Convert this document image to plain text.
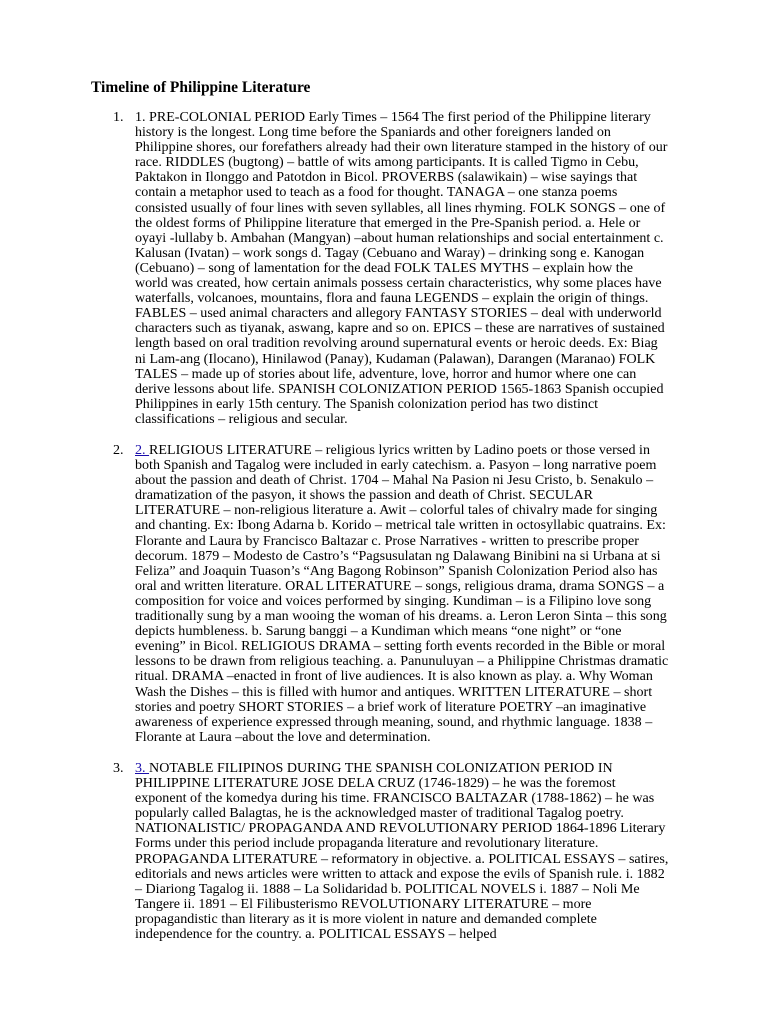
Timeline of Philippine Literature
1. 1. PRE-COLONIAL PERIOD Early Times – 1564 The first period of the Philippine literary history is the longest. Long time before the Spaniards and other foreigners landed on Philippine shores, our forefathers already had their own literature stamped in the history of our race. RIDDLES (bugtong) – battle of wits among participants. It is called Tigmo in Cebu, Paktakon in Ilonggo and Patotdon in Bicol. PROVERBS (salawikain) – wise sayings that contain a metaphor used to teach as a food for thought. TANAGA – one stanza poems consisted usually of four lines with seven syllables, all lines rhyming. FOLK SONGS – one of the oldest forms of Philippine literature that emerged in the Pre-Spanish period. a. Hele or oyayi -lullaby b. Ambahan (Mangyan) –about human relationships and social entertainment c. Kalusan (Ivatan) – work songs d. Tagay (Cebuano and Waray) – drinking song e. Kanogan (Cebuano) – song of lamentation for the dead FOLK TALES MYTHS – explain how the world was created, how certain animals possess certain characteristics, why some places have waterfalls, volcanoes, mountains, flora and fauna LEGENDS – explain the origin of things. FABLES – used animal characters and allegory FANTASY STORIES – deal with underworld characters such as tiyanak, aswang, kapre and so on. EPICS – these are narratives of sustained length based on oral tradition revolving around supernatural events or heroic deeds. Ex: Biag ni Lam-ang (Ilocano), Hinilawod (Panay), Kudaman (Palawan), Darangen (Maranao) FOLK TALES – made up of stories about life, adventure, love, horror and humor where one can derive lessons about life. SPANISH COLONIZATION PERIOD 1565-1863 Spanish occupied Philippines in early 15th century. The Spanish colonization period has two distinct classifications – religious and secular.
2. 2. RELIGIOUS LITERATURE – religious lyrics written by Ladino poets or those versed in both Spanish and Tagalog were included in early catechism. a. Pasyon – long narrative poem about the passion and death of Christ. 1704 – Mahal Na Pasion ni Jesu Cristo, b. Senakulo – dramatization of the pasyon, it shows the passion and death of Christ. SECULAR LITERATURE – non-religious literature a. Awit – colorful tales of chivalry made for singing and chanting. Ex: Ibong Adarna b. Korido – metrical tale written in octosyllabic quatrains. Ex: Florante and Laura by Francisco Baltazar c. Prose Narratives - written to prescribe proper decorum. 1879 – Modesto de Castro’s “Pagsusulatan ng Dalawang Binibini na si Urbana at si Feliza” and Joaquin Tuason’s “Ang Bagong Robinson” Spanish Colonization Period also has oral and written literature. ORAL LITERATURE – songs, religious drama, drama SONGS – a composition for voice and voices performed by singing. Kundiman – is a Filipino love song traditionally sung by a man wooing the woman of his dreams. a. Leron Leron Sinta – this song depicts humbleness. b. Sarung banggi – a Kundiman which means “one night” or “one evening” in Bicol. RELIGIOUS DRAMA – setting forth events recorded in the Bible or moral lessons to be drawn from religious teaching. a. Panunuluyan – a Philippine Christmas dramatic ritual. DRAMA –enacted in front of live audiences. It is also known as play. a. Why Woman Wash the Dishes – this is filled with humor and antiques. WRITTEN LITERATURE – short stories and poetry SHORT STORIES – a brief work of literature POETRY –an imaginative awareness of experience expressed through meaning, sound, and rhythmic language. 1838 – Florante at Laura –about the love and determination.
3. 3. NOTABLE FILIPINOS DURING THE SPANISH COLONIZATION PERIOD IN PHILIPPINE LITERATURE JOSE DELA CRUZ (1746-1829) – he was the foremost exponent of the komedya during his time. FRANCISCO BALTAZAR (1788-1862) – he was popularly called Balagtas, he is the acknowledged master of traditional Tagalog poetry. NATIONALISTIC/ PROPAGANDA AND REVOLUTIONARY PERIOD 1864-1896 Literary Forms under this period include propaganda literature and revolutionary literature. PROPAGANDA LITERATURE – reformatory in objective. a. POLITICAL ESSAYS – satires, editorials and news articles were written to attack and expose the evils of Spanish rule. i. 1882 – Diariong Tagalog ii. 1888 – La Solidaridad b. POLITICAL NOVELS i. 1887 – Noli Me Tangere ii. 1891 – El Filibusterismo REVOLUTIONARY LITERATURE – more propagandistic than literary as it is more violent in nature and demanded complete independence for the country. a. POLITICAL ESSAYS – helped
